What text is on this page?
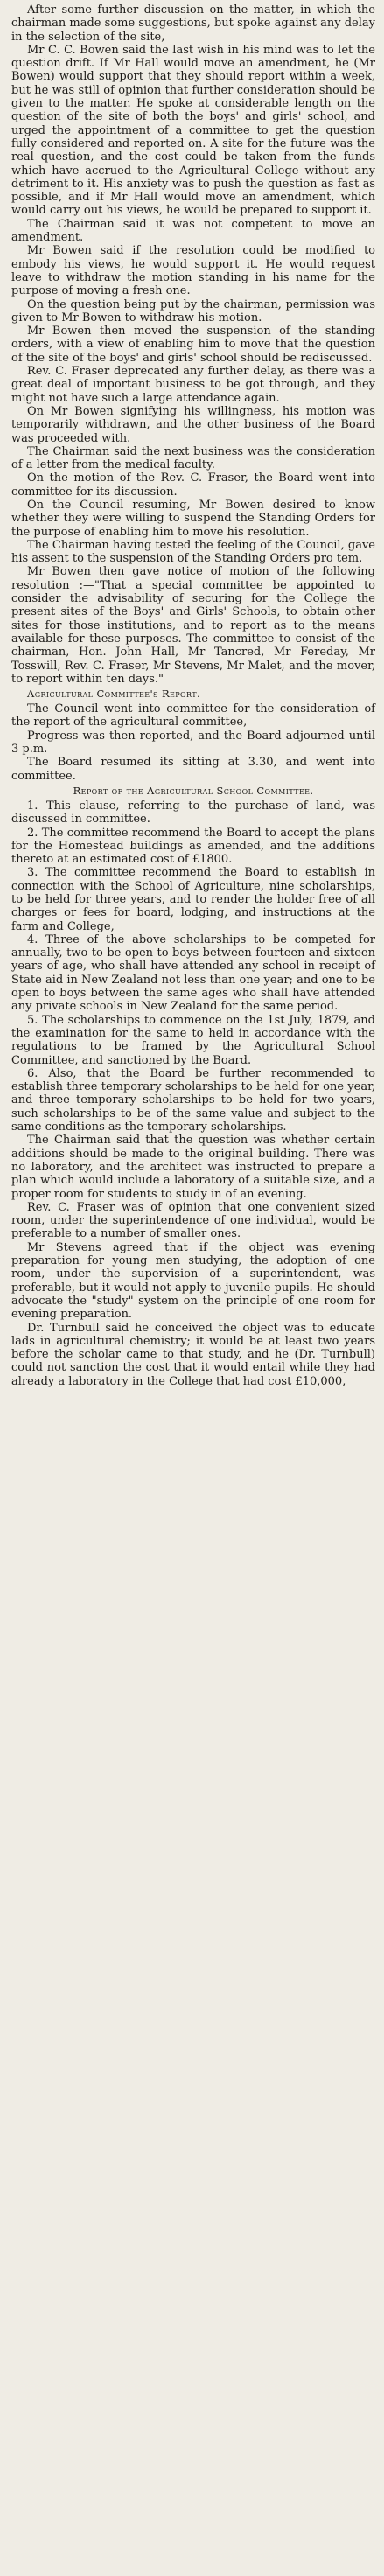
After some further discussion on the matter, in which the chairman made some suggestions, but spoke against any delay in the selection of the site,

Mr C. C. Bowen said the last wish in his mind was to let the question drift. If Mr Hall would move an amendment, he (Mr Bowen) would support that they should report within a week, but he was still of opinion that further consideration should be given to the matter. He spoke at considerable length on the question of the site of both the boys' and girls' school, and urged the appointment of a committee to get the question fully considered and reported on. A site for the future was the real question, and the cost could be taken from the funds which have accrued to the Agricultural College without any detriment to it. His anxiety was to push the question as fast as possible, and if Mr Hall would move an amendment, which would carry out his views, he would be prepared to support it.

The Chairman said it was not competent to move an amendment.

Mr Bowen said if the resolution could be modified to embody his views, he would support it. He would request leave to withdraw the motion standing in his name for the purpose of moving a fresh one.

On the question being put by the chairman, permission was given to Mr Bowen to withdraw his motion.

Mr Bowen then moved the suspension of the standing orders, with a view of enabling him to move that the question of the site of the boys' and girls' school should be rediscussed.

Rev. C. Fraser deprecated any further delay, as there was a great deal of important business to be got through, and they might not have such a large attendance again.

On Mr Bowen signifying his willingness, his motion was temporarily withdrawn, and the other business of the Board was proceeded with.

The Chairman said the next business was the consideration of a letter from the medical faculty.

On the motion of the Rev. C. Fraser, the Board went into committee for its discussion.

On the Council resuming, Mr Bowen desired to know whether they were willing to suspend the Standing Orders for the purpose of enabling him to move his resolution.

The Chairman having tested the feeling of the Council, gave his assent to the suspension of the Standing Orders pro tem.

Mr Bowen then gave notice of motion of the following resolution :—"That a special committee be appointed to consider the advisability of securing for the College the present sites of the Boys' and Girls' Schools, to obtain other sites for those institutions, and to report as to the means available for these purposes. The committee to consist of the chairman, Hon. John Hall, Mr Tancred, Mr Fereday, Mr Tosswill, Rev. C. Fraser, Mr Stevens, Mr Malet, and the mover, to report within ten days."

Agricultural Committee's Report.

The Council went into committee for the consideration of the report of the agricultural committee,

Progress was then reported, and the Board adjourned until 3 p.m.

The Board resumed its sitting at 3.30, and went into committee.

Report of the Agricultural School Committee.

1. This clause, referring to the purchase of land, was discussed in committee.

2. The committee recommend the Board to accept the plans for the Homestead buildings as amended, and the additions thereto at an estimated cost of £1800.

3. The committee recommend the Board to establish in connection with the School of Agriculture, nine scholarships, to be held for three years, and to render the holder free of all charges or fees for board, lodging, and instructions at the farm and College,

4. Three of the above scholarships to be competed for annually, two to be open to boys between fourteen and sixteen years of age, who shall have attended any school in receipt of State aid in New Zealand not less than one year; and one to be open to boys between the same ages who shall have attended any private schools in New Zealand for the same period.

5. The scholarships to commence on the 1st July, 1879, and the examination for the same to held in accordance with the regulations to be framed by the Agricultural School Committee, and sanctioned by the Board.

6. Also, that the Board be further recommended to establish three temporary scholarships to be held for one year, and three temporary scholarships to be held for two years, such scholarships to be of the same value and subject to the same conditions as the temporary scholarships.

The Chairman said that the question was whether certain additions should be made to the original building. There was no laboratory, and the architect was instructed to prepare a plan which would include a laboratory of a suitable size, and a proper room for students to study in of an evening.

Rev. C. Fraser was of opinion that one convenient sized room, under the superintendence of one individual, would be preferable to a number of smaller ones.

Mr Stevens agreed that if the object was evening preparation for young men studying, the adoption of one room, under the supervision of a superintendent, was preferable, but it would not apply to juvenile pupils. He should advocate the "study" system on the principle of one room for evening preparation.

Dr. Turnbull said he conceived the object was to educate lads in agricultural chemistry; it would be at least two years before the scholar came to that study, and he (Dr. Turnbull) could not sanction the cost that it would entail while they had already a laboratory in the College that had cost £10,000,
